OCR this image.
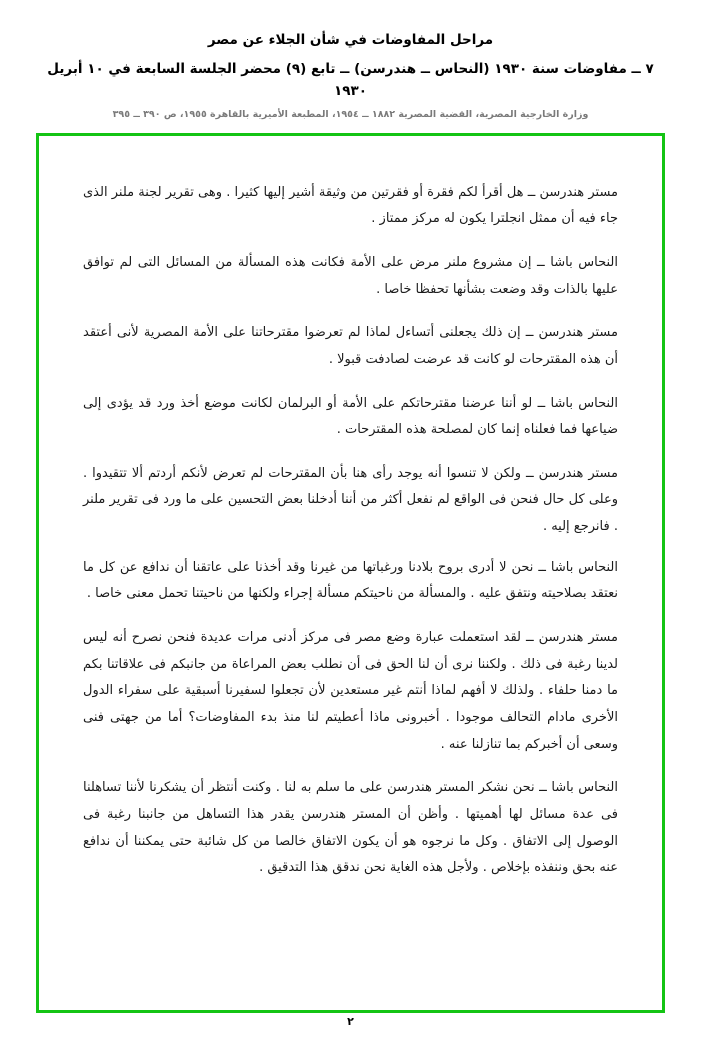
مراحل المفاوضات في شأن الجلاء عن مصر
٧ ــ مفاوضات سنة ١٩٣٠ (النحاس ــ هندرسن) ــ تابع (٩) محضر الجلسة السابعة في ١٠ أبريل ١٩٣٠
وزارة الخارجية المصرية، القضية المصرية ١٨٨٢ ــ ١٩٥٤، المطبعة الأميرية بالقاهرة ١٩٥٥، ص ٣٩٠ ــ ٣٩٥

مستر هندرسن ــ هل أقرأ لكم فقرة أو فقرتين من وثيقة أشير إليها كثيرا . وهى تقرير لجنة ملنر الذى جاء فيه أن ممثل انجلترا يكون له مركز ممتاز .

النحاس باشا ــ إن مشروع ملنر مرض على الأمة فكانت هذه المسألة من المسائل التى لم توافق عليها بالذات وقد وضعت بشأنها تحفظا خاصا .

مستر هندرسن ــ إن ذلك يجعلنى أتساءل لماذا لم تعرضوا مقترحاتنا على الأمة المصرية لأنى أعتقد أن هذه المقترحات لو كانت قد عرضت لصادفت قبولا .

النحاس باشا ــ لو أننا عرضنا مقترحاتكم على الأمة أو البرلمان لكانت موضع أخذ ورد قد يؤدى إلى ضياعها فما فعلناه إنما كان لمصلحة هذه المقترحات .

مستر هندرسن ــ ولكن لا تنسوا أنه يوجد رأى هنا بأن المقترحات لم تعرض لأنكم أردتم ألا تتقيدوا . وعلى كل حال فنحن فى الواقع لم نفعل أكثر من أننا أدخلنا بعض التحسين على ما ورد فى تقرير ملنر . فانرجع إليه .

النحاس باشا ــ نحن لا أدرى بروح بلادنا ورغباتها من غيرنا وقد أخذنا على عاتقنا أن ندافع عن كل ما نعتقد بصلاحيته ونتفق عليه . والمسألة من ناحيتكم مسألة إجراء ولكنها من ناحيتنا تحمل معنى خاصا .

مستر هندرسن ــ لقد استعملت عبارة وضع مصر فى مركز أدنى مرات عديدة فنحن نصرح أنه ليس لدينا رغبة فى ذلك . ولكننا نرى أن لنا الحق فى أن نطلب بعض المراعاة من جانبكم فى علاقاتنا بكم ما دمنا حلفاء . ولذلك لا أفهم لماذا أنتم غير مستعدين لأن تجعلوا لسفيرنا أسبقية على سفراء الدول الأخرى مادام التحالف موجودا . أخبرونى ماذا أعطيتم لنا منذ بدء المفاوضات؟ أما من جهتى فنى وسعى أن أخبركم بما تنازلنا عنه .

النحاس باشا ــ نحن نشكر المستر هندرسن على ما سلم به لنا . وكنت أنتظر أن يشكرنا لأننا تساهلنا فى عدة مسائل لها أهميتها . وأظن أن المستر هندرسن يقدر هذا التساهل من جانبنا رغبة فى الوصول إلى الاتفاق . وكل ما نرجوه هو أن يكون الاتفاق خالصا من كل شائبة حتى يمكننا أن ندافع عنه بحق وننفذه بإخلاص . ولأجل هذه الغاية نحن ندقق هذا التدقيق .

٢
